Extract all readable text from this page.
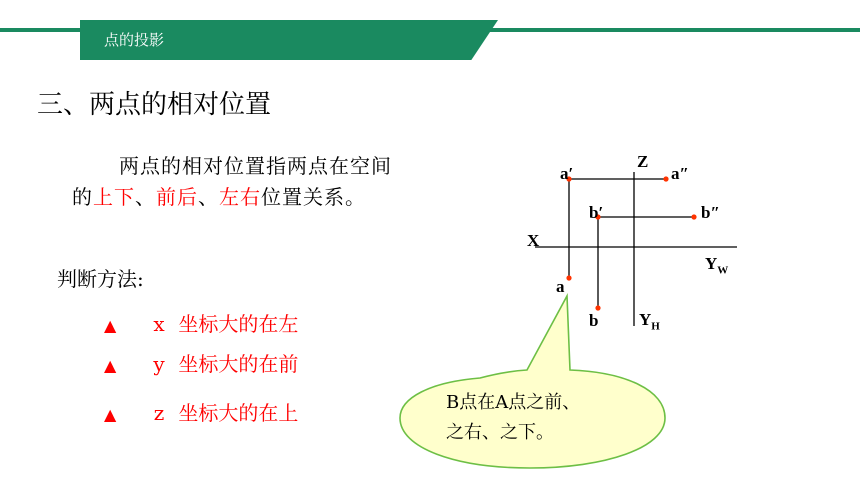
点的投影
三、两点的相对位置
两点的相对位置指两点在空间
的上下、前后、左右位置关系。
判断方法:
▲ x 坐标大的在左
▲ y 坐标大的在前
▲ z 坐标大的在上
Z
X
$Y_W$
$Y_H$
a′	a″
b′	b″
a
b
B点在A点之前、
之右、之下。
